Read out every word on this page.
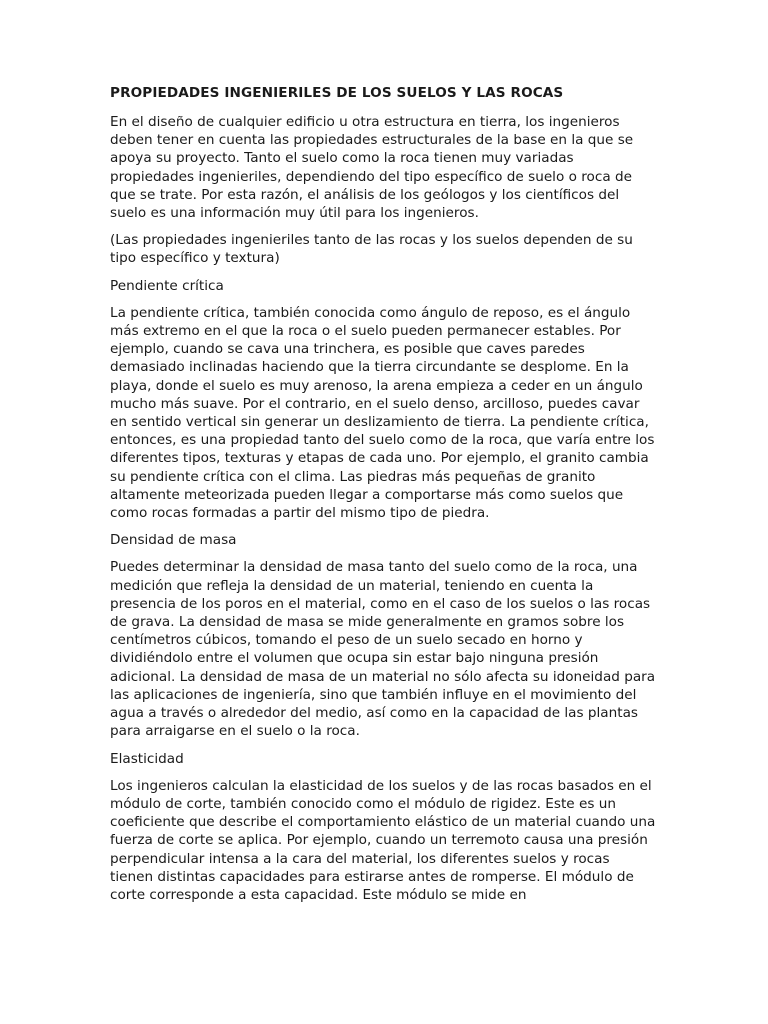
PROPIEDADES INGENIERILES DE LOS SUELOS Y LAS ROCAS

En el diseño de cualquier edificio u otra estructura en tierra, los ingenieros deben tener en cuenta las propiedades estructurales de la base en la que se apoya su proyecto. Tanto el suelo como la roca tienen muy variadas propiedades ingenieriles, dependiendo del tipo específico de suelo o roca de que se trate. Por esta razón, el análisis de los geólogos y los científicos del suelo es una información muy útil para los ingenieros.

(Las propiedades ingenieriles tanto de las rocas y los suelos dependen de su tipo específico y textura)

Pendiente crítica

La pendiente crítica, también conocida como ángulo de reposo, es el ángulo más extremo en el que la roca o el suelo pueden permanecer estables. Por ejemplo, cuando se cava una trinchera, es posible que caves paredes demasiado inclinadas haciendo que la tierra circundante se desplome. En la playa, donde el suelo es muy arenoso, la arena empieza a ceder en un ángulo mucho más suave. Por el contrario, en el suelo denso, arcilloso, puedes cavar en sentido vertical sin generar un deslizamiento de tierra. La pendiente crítica, entonces, es una propiedad tanto del suelo como de la roca, que varía entre los diferentes tipos, texturas y etapas de cada uno. Por ejemplo, el granito cambia su pendiente crítica con el clima. Las piedras más pequeñas de granito altamente meteorizada pueden llegar a comportarse más como suelos que como rocas formadas a partir del mismo tipo de piedra.

Densidad de masa

Puedes determinar la densidad de masa tanto del suelo como de la roca, una medición que refleja la densidad de un material, teniendo en cuenta la presencia de los poros en el material, como en el caso de los suelos o las rocas de grava. La densidad de masa se mide generalmente en gramos sobre los centímetros cúbicos, tomando el peso de un suelo secado en horno y dividiéndolo entre el volumen que ocupa sin estar bajo ninguna presión adicional. La densidad de masa de un material no sólo afecta su idoneidad para las aplicaciones de ingeniería, sino que también influye en el movimiento del agua a través o alrededor del medio, así como en la capacidad de las plantas para arraigarse en el suelo o la roca.

Elasticidad

Los ingenieros calculan la elasticidad de los suelos y de las rocas basados en el módulo de corte, también conocido como el módulo de rigidez. Este es un coeficiente que describe el comportamiento elástico de un material cuando una fuerza de corte se aplica. Por ejemplo, cuando un terremoto causa una presión perpendicular intensa a la cara del material, los diferentes suelos y rocas tienen distintas capacidades para estirarse antes de romperse. El módulo de corte corresponde a esta capacidad. Este módulo se mide en
